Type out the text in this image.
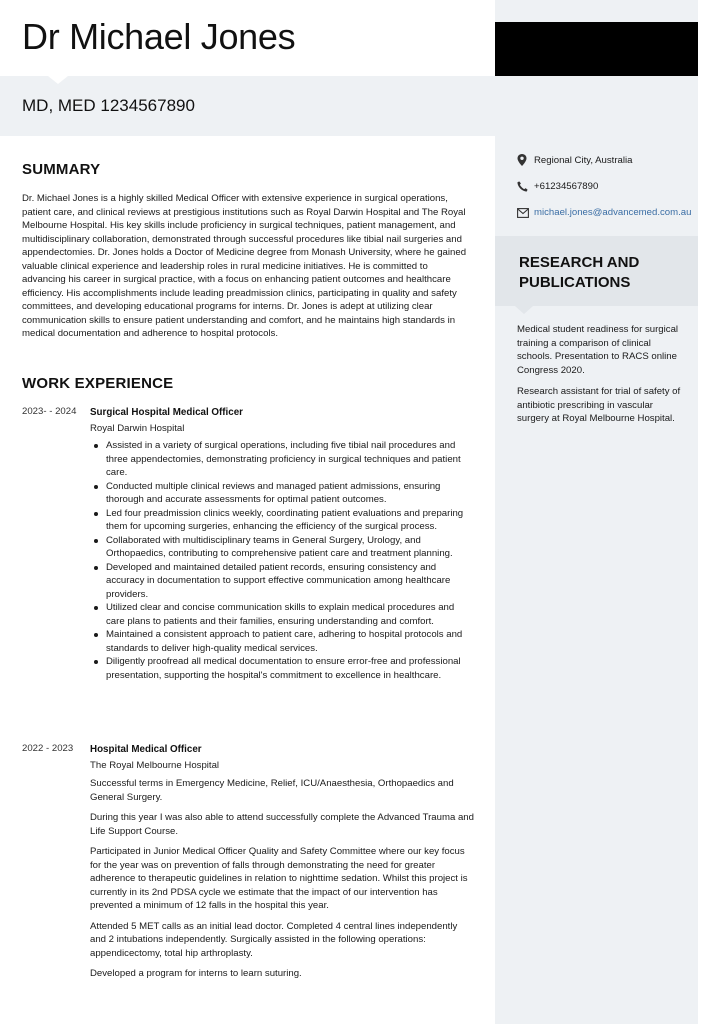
Dr Michael Jones
MD, MED 1234567890
SUMMARY

Dr. Michael Jones is a highly skilled Medical Officer with extensive experience in surgical operations, patient care, and clinical reviews at prestigious institutions such as Royal Darwin Hospital and The Royal Melbourne Hospital. His key skills include proficiency in surgical techniques, patient management, and multidisciplinary collaboration, demonstrated through successful procedures like tibial nail surgeries and appendectomies. Dr. Jones holds a Doctor of Medicine degree from Monash University, where he gained valuable clinical experience and leadership roles in rural medicine initiatives. He is committed to advancing his career in surgical practice, with a focus on enhancing patient outcomes and healthcare efficiency. His accomplishments include leading preadmission clinics, participating in quality and safety committees, and developing educational programs for interns. Dr. Jones is adept at utilizing clear communication skills to ensure patient understanding and comfort, and he maintains high standards in medical documentation and adherence to hospital protocols.

WORK EXPERIENCE
2023- - 2024 Surgical Hospital Medical Officer
Royal Darwin Hospital
Assisted in a variety of surgical operations, including five tibial nail procedures and three appendectomies, demonstrating proficiency in surgical techniques and patient care.
Conducted multiple clinical reviews and managed patient admissions, ensuring thorough and accurate assessments for optimal patient outcomes.
Led four preadmission clinics weekly, coordinating patient evaluations and preparing them for upcoming surgeries, enhancing the efficiency of the surgical process.
Collaborated with multidisciplinary teams in General Surgery, Urology, and Orthopaedics, contributing to comprehensive patient care and treatment planning.
Developed and maintained detailed patient records, ensuring consistency and accuracy in documentation to support effective communication among healthcare providers.
Utilized clear and concise communication skills to explain medical procedures and care plans to patients and their families, ensuring understanding and comfort.
Maintained a consistent approach to patient care, adhering to hospital protocols and standards to deliver high-quality medical services.
Diligently proofread all medical documentation to ensure error-free and professional presentation, supporting the hospital's commitment to excellence in healthcare.
2022 - 2023 Hospital Medical Officer
The Royal Melbourne Hospital

Successful terms in Emergency Medicine, Relief, ICU/Anaesthesia, Orthopaedics and General Surgery.

During this year I was also able to attend successfully complete the Advanced Trauma and Life Support Course.

Participated in Junior Medical Officer Quality and Safety Committee where our key focus for the year was on prevention of falls through demonstrating the need for greater adherence to therapeutic guidelines in relation to nighttime sedation. Whilst this project is currently in its 2nd PDSA cycle we estimate that the impact of our intervention has prevented a minimum of 12 falls in the hospital this year.

Attended 5 MET calls as an initial lead doctor. Completed 4 central lines independently and 2 intubations independently. Surgically assisted in the following operations: appendicectomy, total hip arthroplasty.

Developed a program for interns to learn suturing.

Regional City, Australia
+61234567890
michael.jones@advancemed.com.au
RESEARCH AND PUBLICATIONS

Medical student readiness for surgical training a comparison of clinical schools. Presentation to RACS online Congress 2020.

Research assistant for trial of safety of antibiotic prescribing in vascular surgery at Royal Melbourne Hospital.
